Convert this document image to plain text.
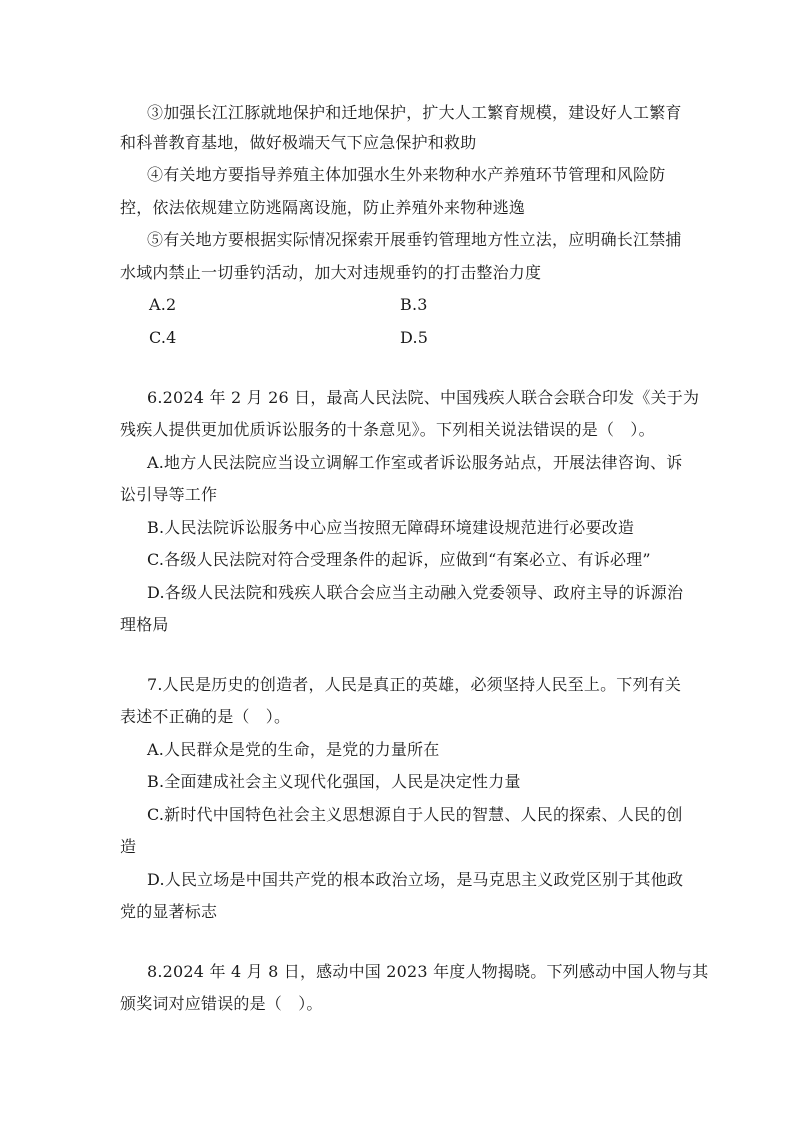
③加强长江江豚就地保护和迁地保护，扩大人工繁育规模，建设好人工繁育
和科普教育基地，做好极端天气下应急保护和救助
④有关地方要指导养殖主体加强水生外来物种水产养殖环节管理和风险防
控，依法依规建立防逃隔离设施，防止养殖外来物种逃逸
⑤有关地方要根据实际情况探索开展垂钓管理地方性立法，应明确长江禁捕
水域内禁止一切垂钓活动，加大对违规垂钓的打击整治力度
A.2	B.3
C.4	D.5
6.2024 年 2 月 26 日，最高人民法院、中国残疾人联合会联合印发《关于为
残疾人提供更加优质诉讼服务的十条意见》。下列相关说法错误的是（　）。
A.地方人民法院应当设立调解工作室或者诉讼服务站点，开展法律咨询、诉
讼引导等工作
B.人民法院诉讼服务中心应当按照无障碍环境建设规范进行必要改造
C.各级人民法院对符合受理条件的起诉，应做到“有案必立、有诉必理”
D.各级人民法院和残疾人联合会应当主动融入党委领导、政府主导的诉源治
理格局
7.人民是历史的创造者，人民是真正的英雄，必须坚持人民至上。下列有关
表述不正确的是（　）。
A.人民群众是党的生命，是党的力量所在
B.全面建成社会主义现代化强国，人民是决定性力量
C.新时代中国特色社会主义思想源自于人民的智慧、人民的探索、人民的创
造
D.人民立场是中国共产党的根本政治立场，是马克思主义政党区别于其他政
党的显著标志
8.2024 年 4 月 8 日，感动中国 2023 年度人物揭晓。下列感动中国人物与其
颁奖词对应错误的是（　）。
